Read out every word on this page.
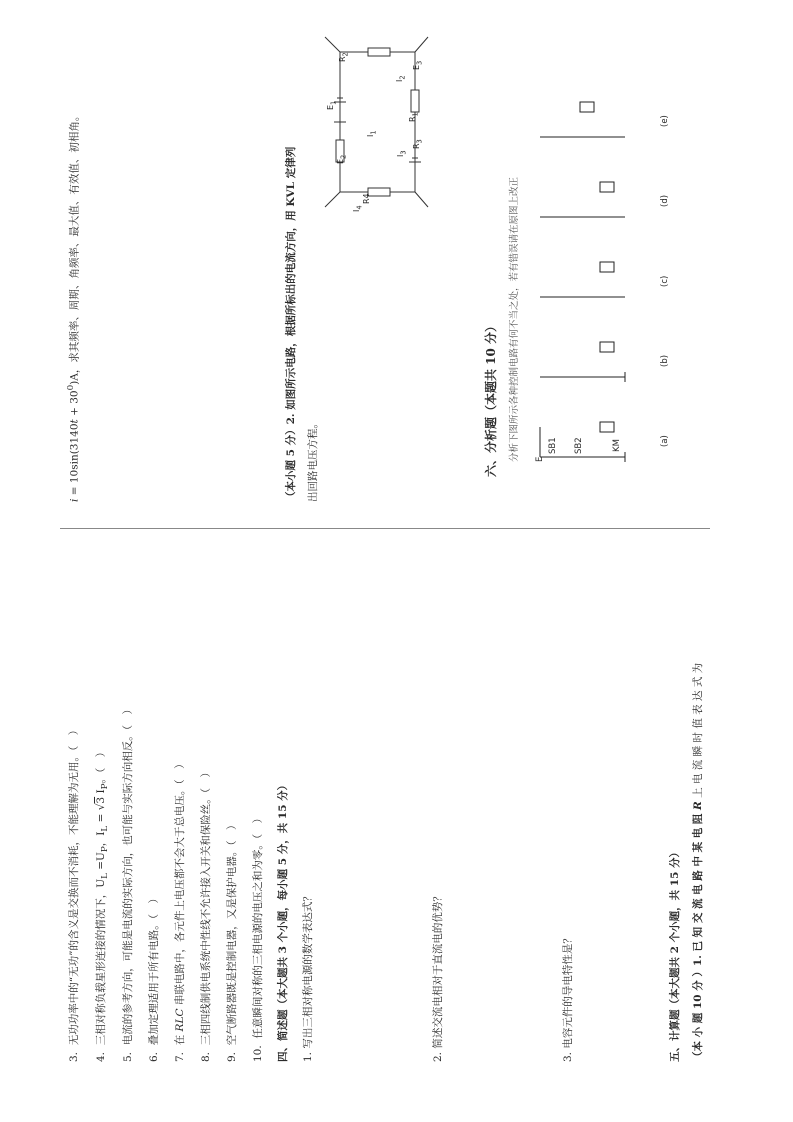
3.  无功功率中的“无功”的含义是交换而不消耗，不能理解为无用。（　）
4.  三相对称负载星形连接的情况下，$U_L =U_P$，$I_L = √3$ $I_P$。（　）
5.  电流的参考方向，可能是电流的实际方向，也可能与实际方向相反。（　）
6.  叠加定理适用于所有电路。（　）
7.  在 RLC 串联电路中，各元件上电压都不会大于总电压。（　）
8.  三相四线制供电系统中性线不允许接入开关和保险丝。（　）
9.  空气断路器既是控制电器，又是保护电器。（　）
10.  任意瞬间对称的三相电源的电压之和为零。（　） 四、简述题（本大题共 3 个小题，每小题 5 分，共 15 分） 1. 写出三相对称电源的数学表达式？	2. 简述交流电相对于直流电的优势？	3. 电容元件的导电特性是？	五、计算题（本大题共 2 个小题，共 15 分） （本 小 题 10 分 ）1. 已 知 交 流 电 路 中 某 电 阻 R 上 电 流 瞬 时 值 表 达 式 为
$i = 10\sin(3140t + 30^0)A$，求其频率、周期、角频率、最大值、有效值、初相角。
$E_1$
$E_2$
$E_3$
$R_1$
$R_2$
$R_3$
R4
$I_1$
$I_2$
$I_3$
$I_4$
（本小题 5 分）2. 如图所示电路，根据所标出的电流方向，用 KVL 定律列 出回路电压方程。	六、分析题（本题共 10 分）	分析下图所示各种控制电路有何不当之处，若有错误请在原图上改正	(a)
(b)
(c)
(d)
(e)
SB1 SB2	KM
E
